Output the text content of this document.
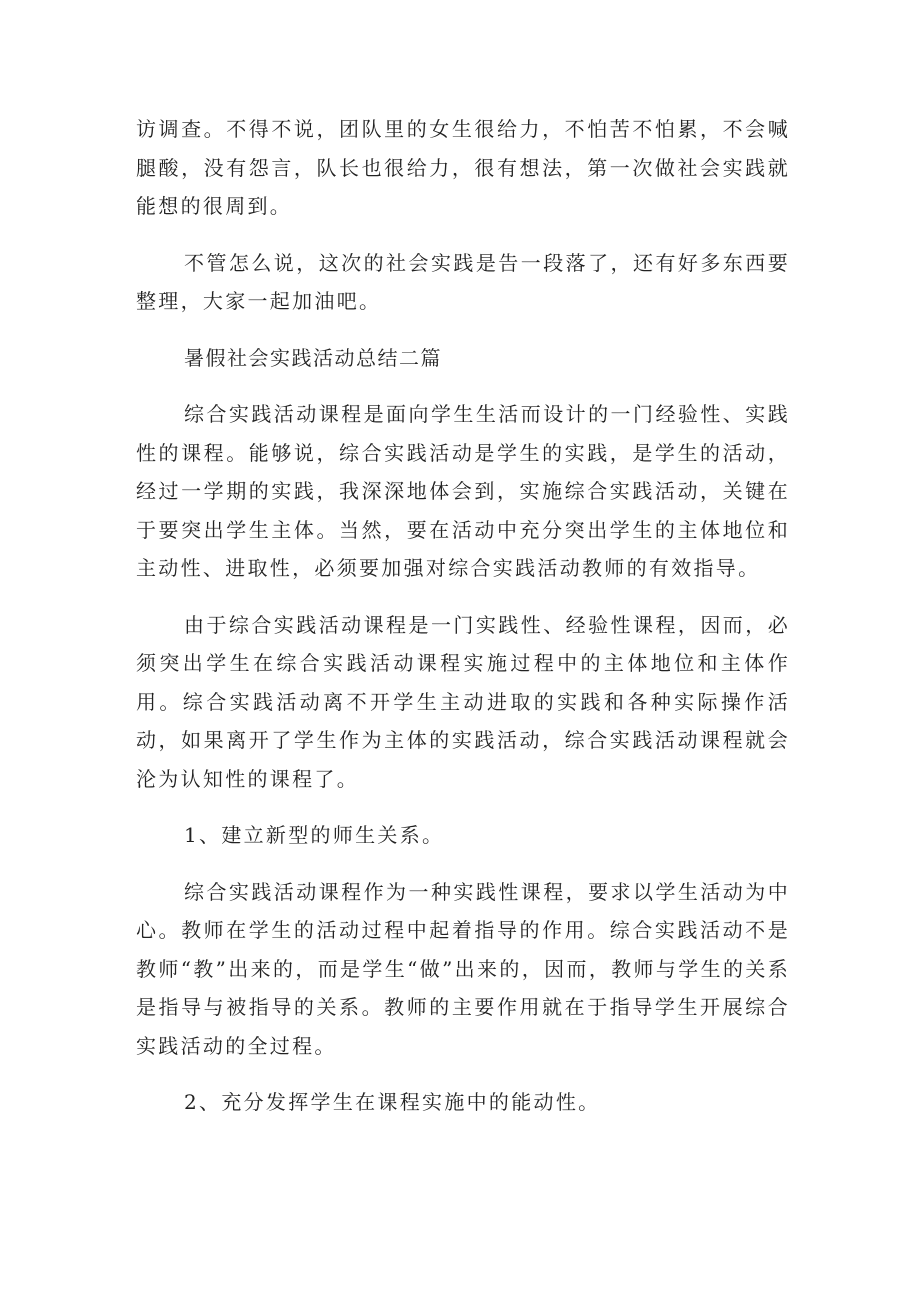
访调查。不得不说，团队里的女生很给力，不怕苦不怕累，不会喊腿酸，没有怨言，队长也很给力，很有想法，第一次做社会实践就能想的很周到。

不管怎么说，这次的社会实践是告一段落了，还有好多东西要整理，大家一起加油吧。

暑假社会实践活动总结二篇

综合实践活动课程是面向学生生活而设计的一门经验性、实践性的课程。能够说，综合实践活动是学生的实践，是学生的活动，经过一学期的实践，我深深地体会到，实施综合实践活动，关键在于要突出学生主体。当然，要在活动中充分突出学生的主体地位和主动性、进取性，必须要加强对综合实践活动教师的有效指导。

由于综合实践活动课程是一门实践性、经验性课程，因而，必须突出学生在综合实践活动课程实施过程中的主体地位和主体作用。综合实践活动离不开学生主动进取的实践和各种实际操作活动，如果离开了学生作为主体的实践活动，综合实践活动课程就会沦为认知性的课程了。

1、建立新型的师生关系。

综合实践活动课程作为一种实践性课程，要求以学生活动为中心。教师在学生的活动过程中起着指导的作用。综合实践活动不是教师“教”出来的，而是学生“做”出来的，因而，教师与学生的关系是指导与被指导的关系。教师的主要作用就在于指导学生开展综合实践活动的全过程。

2、充分发挥学生在课程实施中的能动性。
